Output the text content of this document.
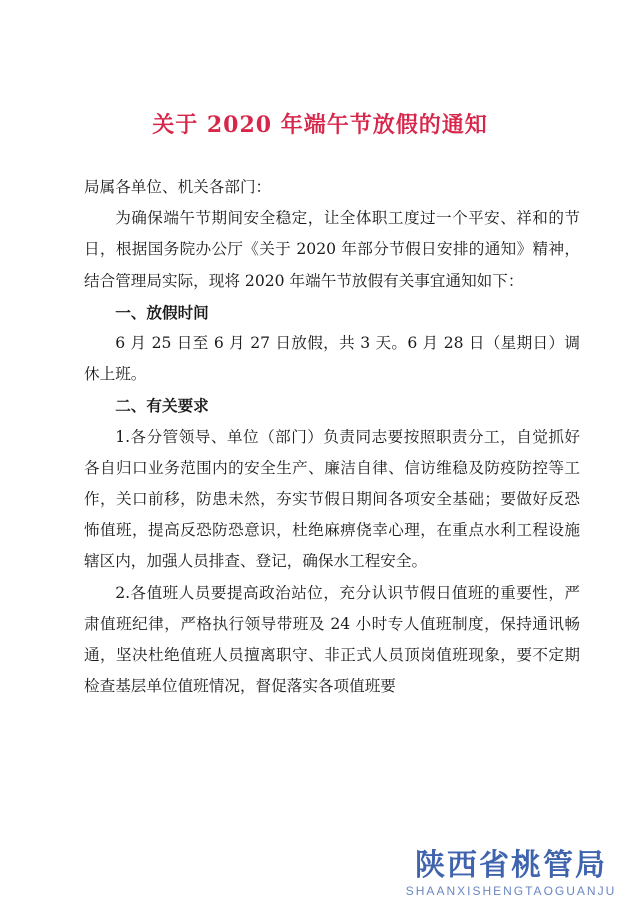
关于 2020 年端午节放假的通知

局属各单位、机关各部门：

为确保端午节期间安全稳定，让全体职工度过一个平安、祥和的节日，根据国务院办公厅《关于 2020 年部分节假日安排的通知》精神，结合管理局实际，现将 2020 年端午节放假有关事宜通知如下：

一、放假时间

6 月 25 日至 6 月 27 日放假，共 3 天。6 月 28 日（星期日）调休上班。

二、有关要求

1.各分管领导、单位（部门）负责同志要按照职责分工，自觉抓好各自归口业务范围内的安全生产、廉洁自律、信访维稳及防疫防控等工作，关口前移，防患未然，夯实节假日期间各项安全基础；要做好反恐怖值班，提高反恐防恐意识，杜绝麻痹侥幸心理，在重点水利工程设施辖区内，加强人员排查、登记，确保水工程安全。

2.各值班人员要提高政治站位，充分认识节假日值班的重要性，严肃值班纪律，严格执行领导带班及 24 小时专人值班制度，保持通讯畅通，坚决杜绝值班人员擅离职守、非正式人员顶岗值班现象，要不定期检查基层单位值班情况，督促落实各项值班要

陕西省桃管局
SHAANXISHENGTAOGUANJU
